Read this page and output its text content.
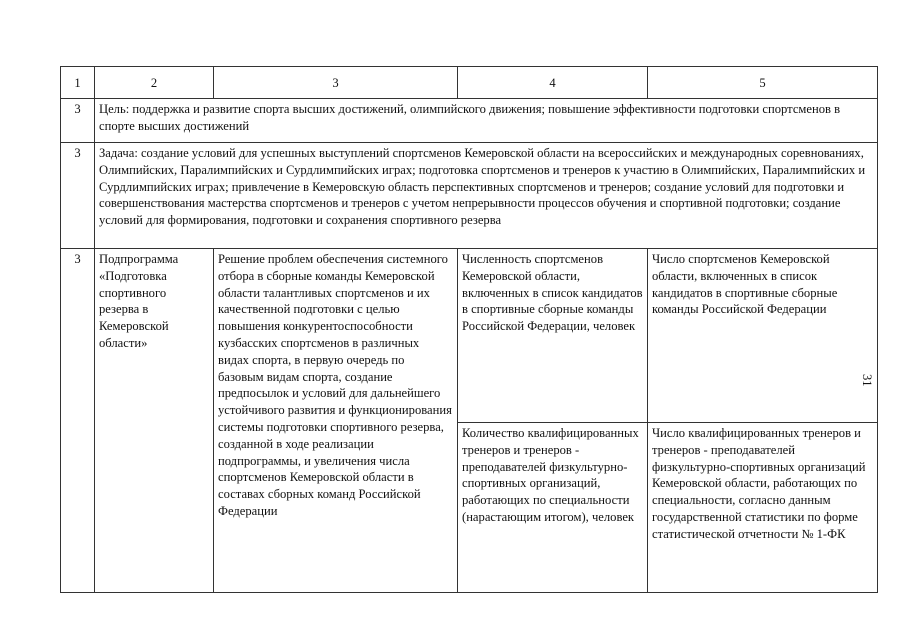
1	2	3	4	5
3	Цель: поддержка и развитие спорта высших достижений, олимпийского движения; повышение эффективности подготовки спортсменов в спорте высших достижений			
3	Задача: создание условий для успешных выступлений спортсменов Кемеровской области на всероссийских и международных соревнованиях, Олимпийских, Паралимпийских и Сурдлимпийских играх; подготовка спортсменов и тренеров к участию в Олимпийских, Паралимпийских и Сурдлимпийских играх; привлечение в Кемеровскую область перспективных спортсменов и тренеров; создание условий для подготовки и совершенствования мастерства спортсменов и тренеров с учетом непрерывности процессов обучения и спортивной подготовки; создание условий для формирования, подготовки и сохранения спортивного резерва			
3	Подпрограмма «Подготовка спортивного резерва в Кемеровской области»	Решение проблем обеспечения системного отбора в сборные команды Кемеровской области талантливых спортсменов и их качественной подготовки с целью повышения конкурентоспособности кузбасских спортсменов в различных видах спорта, в первую очередь по базовым видам спорта, создание предпосылок и условий для дальнейшего устойчивого развития и функционирования системы подготовки спортивного резерва, созданной в ходе реализации подпрограммы, и увеличения числа спортсменов Кемеровской области в составах сборных команд Российской Федерации	Численность спортсменов Кемеровской области, включенных в список кандидатов в спортивные сборные команды Российской Федерации, человек	Число спортсменов Кемеровской области, включенных в список кандидатов в спортивные сборные команды Российской Федерации
			Количество квалифицированных тренеров и тренеров - преподавателей физкультурно-спортивных организаций, работающих по специальности (нарастающим итогом), человек	Число квалифицированных тренеров и тренеров - преподавателей физкультурно-спортивных организаций Кемеровской области, работающих по специальности, согласно данным государственной статистики по форме статистической отчетности № 1-ФК
31
